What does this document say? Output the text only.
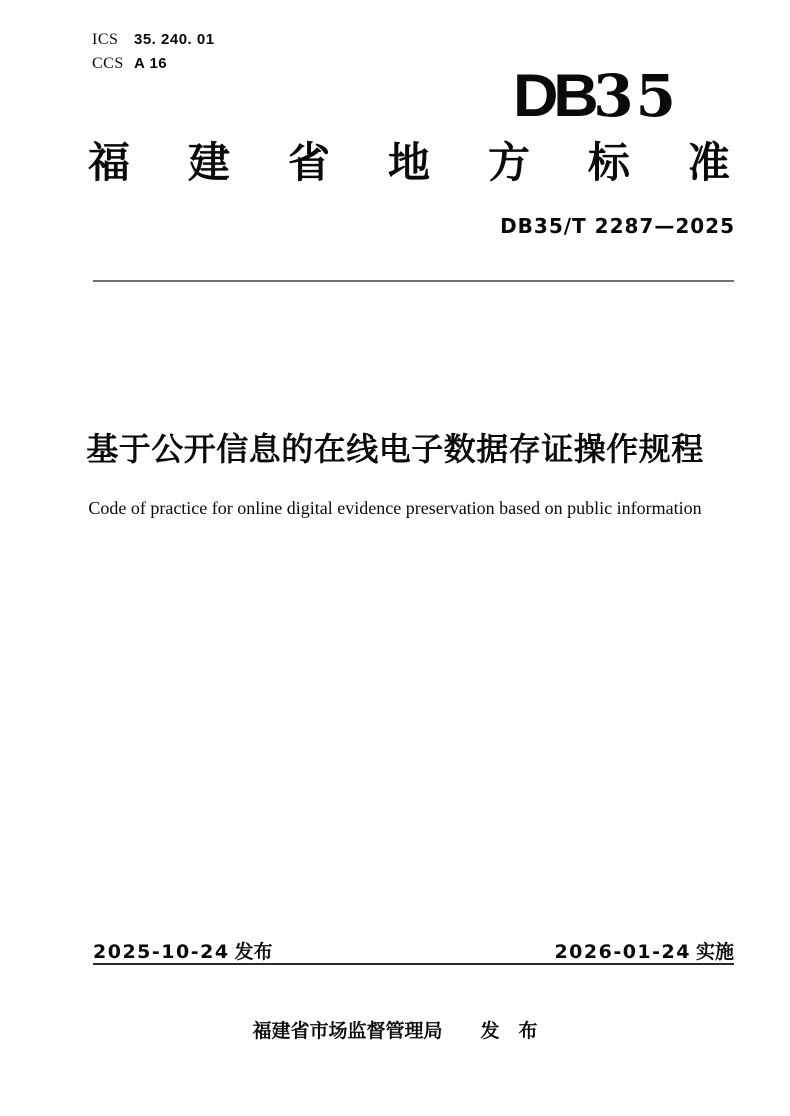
ICS	35. 240. 01
CCS A 16	DB 35
福 建 省 地 方 标 准
DB35/T 2287—2025
基于公开信息的在线电子数据存证操作规程
Code of practice for online digital evidence preservation based on public information
2025-10-24 发布	2026-01-24 实施
福建省市场监督管理局 发　布
